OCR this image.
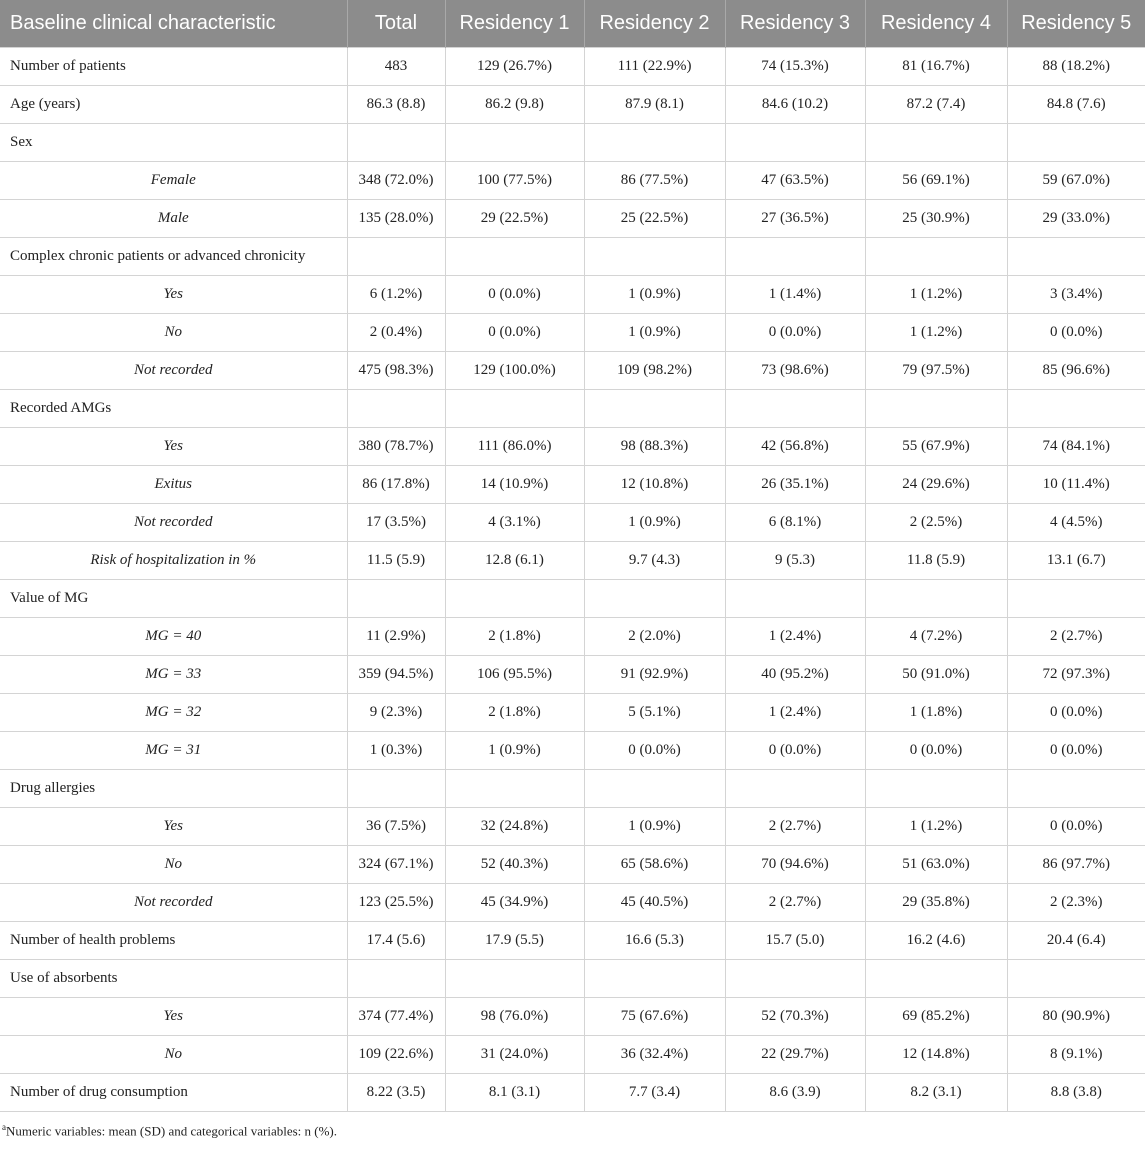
Baseline clinical characteristic	Total	Residency 1	Residency 2	Residency 3	Residency 4	Residency 5
Number of patients	483	129 (26.7%)	111 (22.9%)	74 (15.3%)	81 (16.7%)	88 (18.2%)
Age (years)	86.3 (8.8)	86.2 (9.8)	87.9 (8.1)	84.6 (10.2)	87.2 (7.4)	84.8 (7.6)
Sex						
Female	348 (72.0%)	100 (77.5%)	86 (77.5%)	47 (63.5%)	56 (69.1%)	59 (67.0%)
Male	135 (28.0%)	29 (22.5%)	25 (22.5%)	27 (36.5%)	25 (30.9%)	29 (33.0%)
Complex chronic patients or advanced chronicity						
Yes	6 (1.2%)	0 (0.0%)	1 (0.9%)	1 (1.4%)	1 (1.2%)	3 (3.4%)
No	2 (0.4%)	0 (0.0%)	1 (0.9%)	0 (0.0%)	1 (1.2%)	0 (0.0%)
Not recorded	475 (98.3%)	129 (100.0%)	109 (98.2%)	73 (98.6%)	79 (97.5%)	85 (96.6%)
Recorded AMGs						
Yes	380 (78.7%)	111 (86.0%)	98 (88.3%)	42 (56.8%)	55 (67.9%)	74 (84.1%)
Exitus	86 (17.8%)	14 (10.9%)	12 (10.8%)	26 (35.1%)	24 (29.6%)	10 (11.4%)
Not recorded	17 (3.5%)	4 (3.1%)	1 (0.9%)	6 (8.1%)	2 (2.5%)	4 (4.5%)
Risk of hospitalization in %	11.5 (5.9)	12.8 (6.1)	9.7 (4.3)	9 (5.3)	11.8 (5.9)	13.1 (6.7)
Value of MG						
MG = 40	11 (2.9%)	2 (1.8%)	2 (2.0%)	1 (2.4%)	4 (7.2%)	2 (2.7%)
MG = 33	359 (94.5%)	106 (95.5%)	91 (92.9%)	40 (95.2%)	50 (91.0%)	72 (97.3%)
MG = 32	9 (2.3%)	2 (1.8%)	5 (5.1%)	1 (2.4%)	1 (1.8%)	0 (0.0%)
MG = 31	1 (0.3%)	1 (0.9%)	0 (0.0%)	0 (0.0%)	0 (0.0%)	0 (0.0%)
Drug allergies						
Yes	36 (7.5%)	32 (24.8%)	1 (0.9%)	2 (2.7%)	1 (1.2%)	0 (0.0%)
No	324 (67.1%)	52 (40.3%)	65 (58.6%)	70 (94.6%)	51 (63.0%)	86 (97.7%)
Not recorded	123 (25.5%)	45 (34.9%)	45 (40.5%)	2 (2.7%)	29 (35.8%)	2 (2.3%)
Number of health problems	17.4 (5.6)	17.9 (5.5)	16.6 (5.3)	15.7 (5.0)	16.2 (4.6)	20.4 (6.4)
Use of absorbents						
Yes	374 (77.4%)	98 (76.0%)	75 (67.6%)	52 (70.3%)	69 (85.2%)	80 (90.9%)
No	109 (22.6%)	31 (24.0%)	36 (32.4%)	22 (29.7%)	12 (14.8%)	8 (9.1%)
Number of drug consumption	8.22 (3.5)	8.1 (3.1)	7.7 (3.4)	8.6 (3.9)	8.2 (3.1)	8.8 (3.8)
$^a$Numeric variables: mean (SD) and categorical variables: n (%).
